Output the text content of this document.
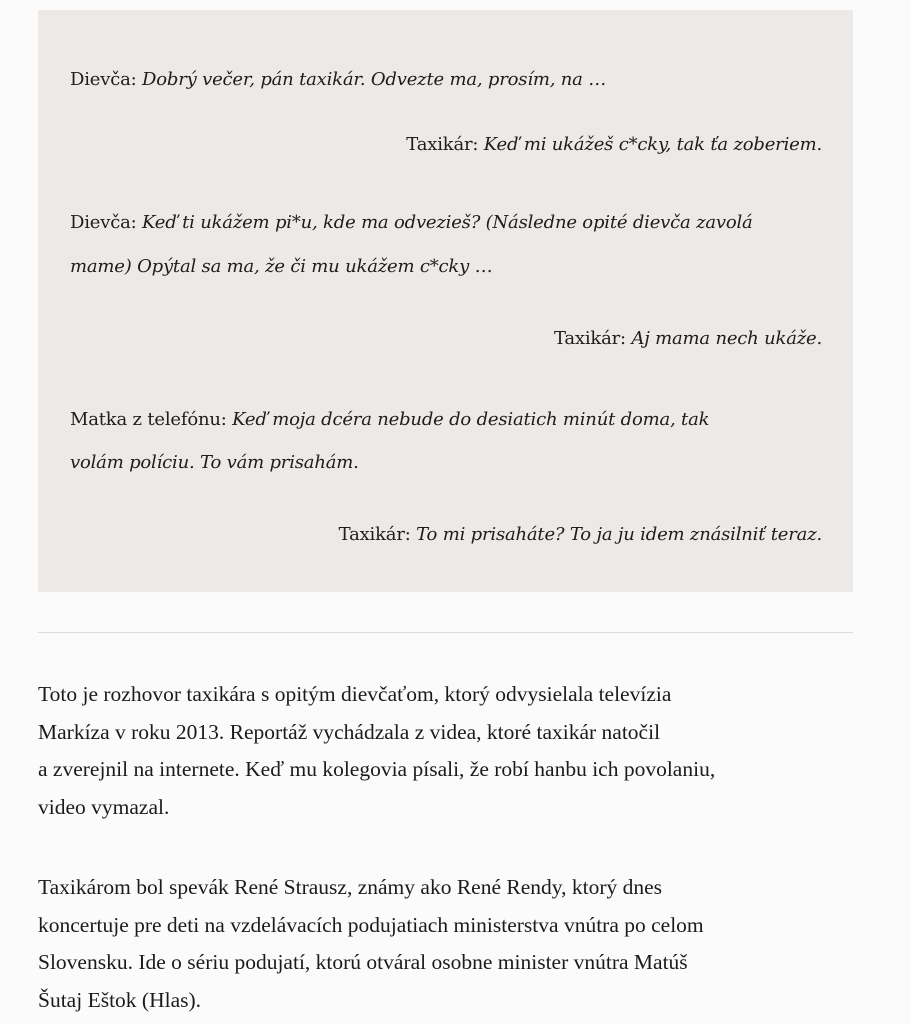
Dievča: Dobrý večer, pán taxikár. Odvezte ma, prosím, na …
Taxikár: Keď mi ukážeš c*cky, tak ťa zoberiem.
Dievča: Keď ti ukážem pi*u, kde ma odvezieš? (Následne opité dievča zavolá
mame) Opýtal sa ma, že či mu ukážem c*cky …
Taxikár: Aj mama nech ukáže.
Matka z telefónu: Keď moja dcéra nebude do desiatich minút doma, tak
volám políciu. To vám prisahám.
Taxikár: To mi prisaháte? To ja ju idem znásilniť teraz.
Toto je rozhovor taxikára s opitým dievčaťom, ktorý odvysielala televízia
Markíza v roku 2013. Reportáž vychádzala z videa, ktoré taxikár natočil
a zverejnil na internete. Keď mu kolegovia písali, že robí hanbu ich povolaniu,
video vymazal.
Taxikárom bol spevák René Strausz, známy ako René Rendy, ktorý dnes
koncertuje pre deti na vzdelávacích podujatiach ministerstva vnútra po celom
Slovensku. Ide o sériu podujatí, ktorú otváral osobne minister vnútra Matúš
Šutaj Eštok (Hlas).
